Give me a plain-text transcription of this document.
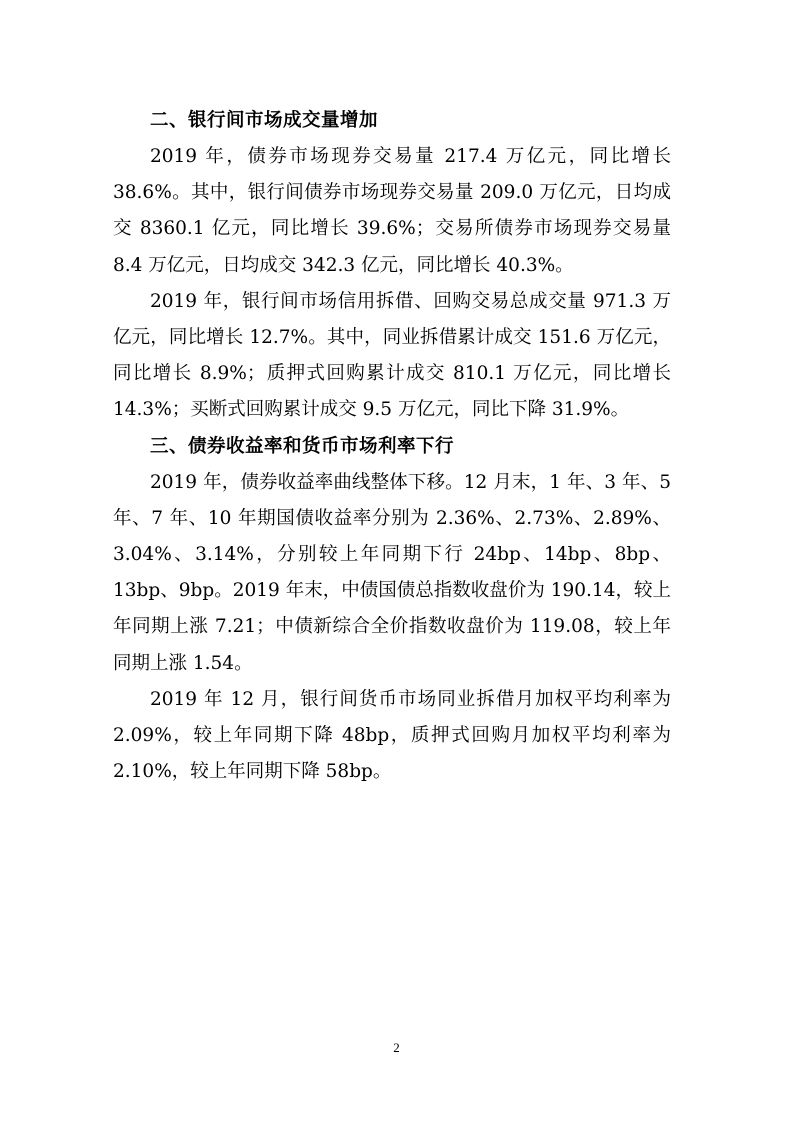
二、银行间市场成交量增加

2019 年，债券市场现券交易量 217.4 万亿元，同比增长 38.6%。其中，银行间债券市场现券交易量 209.0 万亿元，日均成交 8360.1 亿元，同比增长 39.6%；交易所债券市场现券交易量 8.4 万亿元，日均成交 342.3 亿元，同比增长 40.3%。

2019 年，银行间市场信用拆借、回购交易总成交量 971.3 万亿元，同比增长 12.7%。其中，同业拆借累计成交 151.6 万亿元，同比增长 8.9%；质押式回购累计成交 810.1 万亿元，同比增长 14.3%；买断式回购累计成交 9.5 万亿元，同比下降 31.9%。

三、债券收益率和货币市场利率下行

2019 年，债券收益率曲线整体下移。12 月末，1 年、3 年、5 年、7 年、10 年期国债收益率分别为 2.36%、2.73%、2.89%、3.04%、3.14%，分别较上年同期下行 24bp、14bp、8bp、13bp、9bp。2019 年末，中债国债总指数收盘价为 190.14，较上年同期上涨 7.21；中债新综合全价指数收盘价为 119.08，较上年同期上涨 1.54。

2019 年 12 月，银行间货币市场同业拆借月加权平均利率为 2.09%，较上年同期下降 48bp，质押式回购月加权平均利率为 2.10%，较上年同期下降 58bp。

2
